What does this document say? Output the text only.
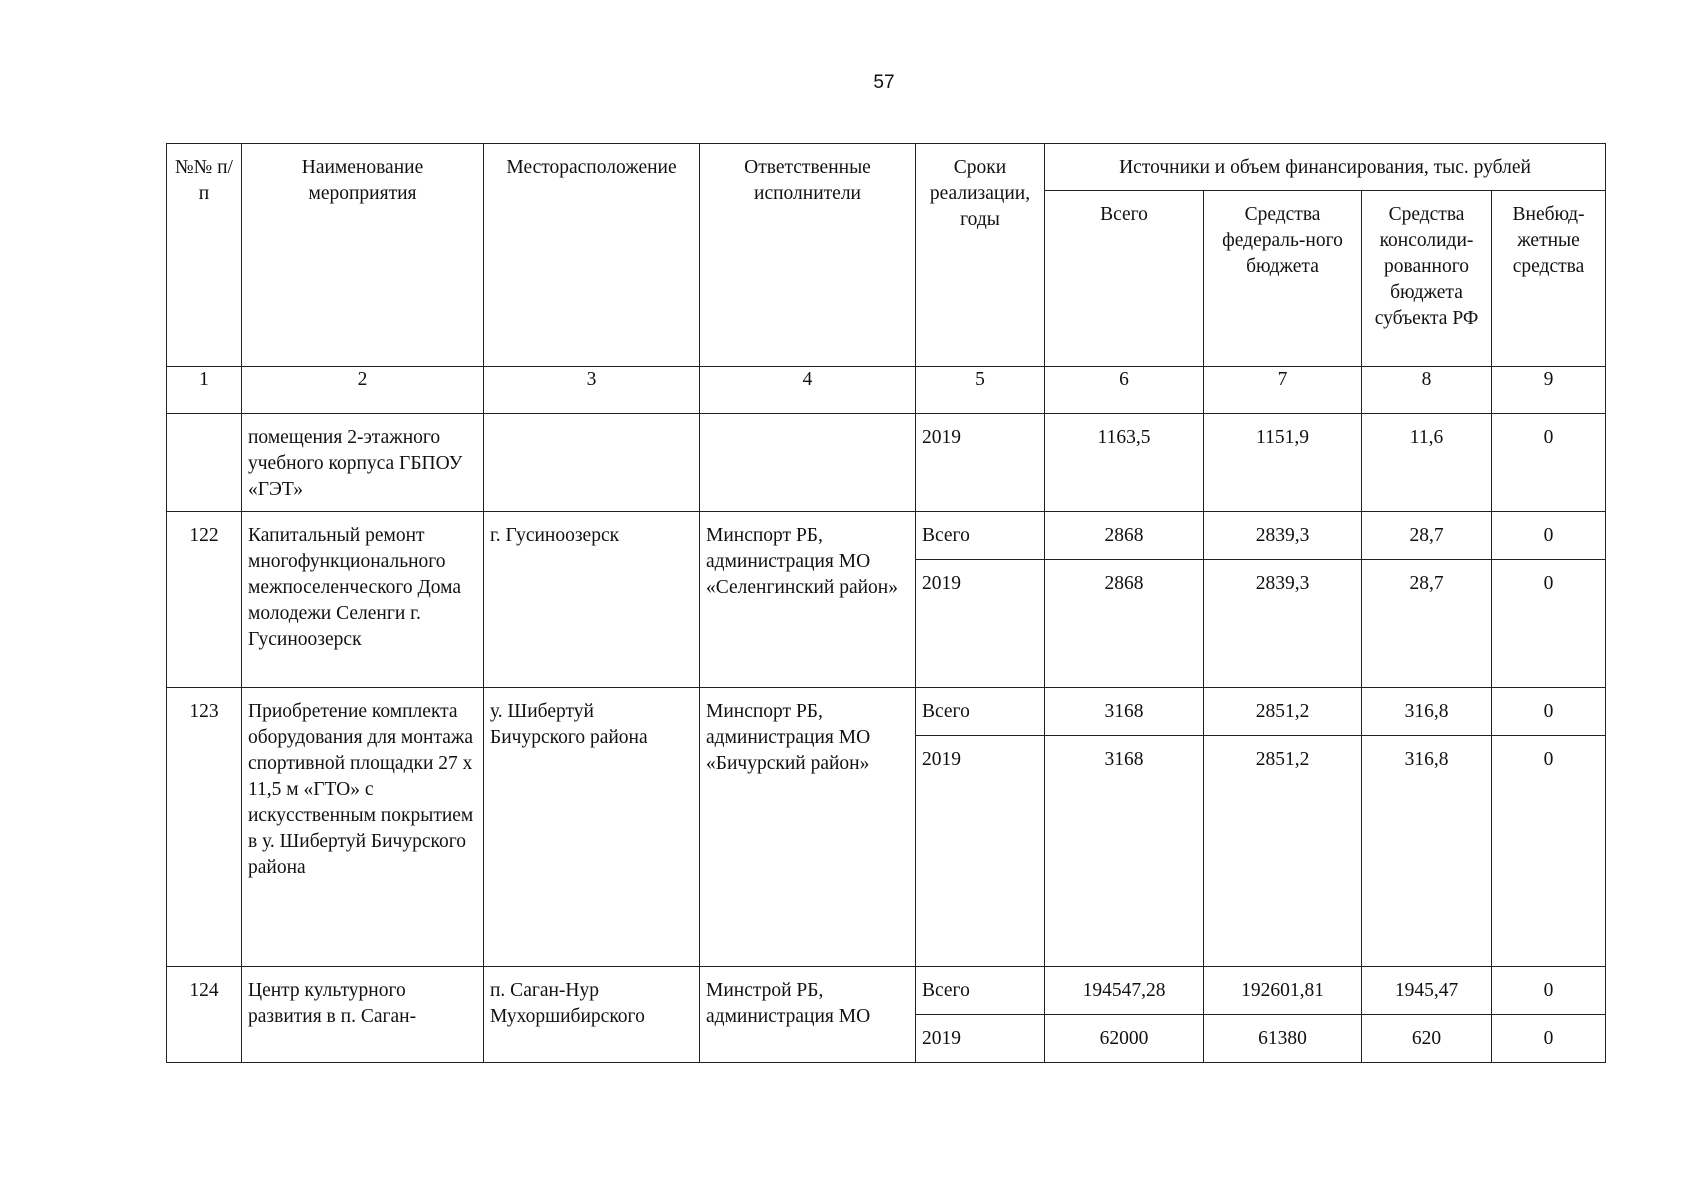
57
№№ п/п	Наименование мероприятия	Месторасположение	Ответственные исполнители	Сроки реализации, годы	Источники и объем финансирования, тыс. рублей			
					Всего	Средства федераль-ного бюджета	Средства консолиди-рованного бюджета субъекта РФ	Внебюд-жетные средства
1	2	3	4	5	6	7	8	9
	помещения 2-этажного учебного корпуса ГБПОУ «ГЭТ»			2019	1163,5	1151,9	11,6	0
122	Капитальный ремонт многофункционального межпоселенческого Дома молодежи Селенги г. Гусиноозерск	г. Гусиноозерск	Минспорт РБ, администрация МО «Селенгинский район»	Всего	2868	2839,3	28,7	0
				2019	2868	2839,3	28,7	0
123	Приобретение комплекта оборудования для монтажа спортивной площадки 27 х 11,5 м «ГТО» с искусственным покрытием в у. Шибертуй Бичурского района	у. Шибертуй Бичурского района	Минспорт РБ, администрация МО «Бичурский район»	Всего	3168	2851,2	316,8	0
				2019	3168	2851,2	316,8	0
124	Центр культурного развития в п. Саган-	п. Саган-Нур Мухоршибирского	Минстрой РБ, администрация МО	Всего	194547,28	192601,81	1945,47	0
				2019	62000	61380	620	0
